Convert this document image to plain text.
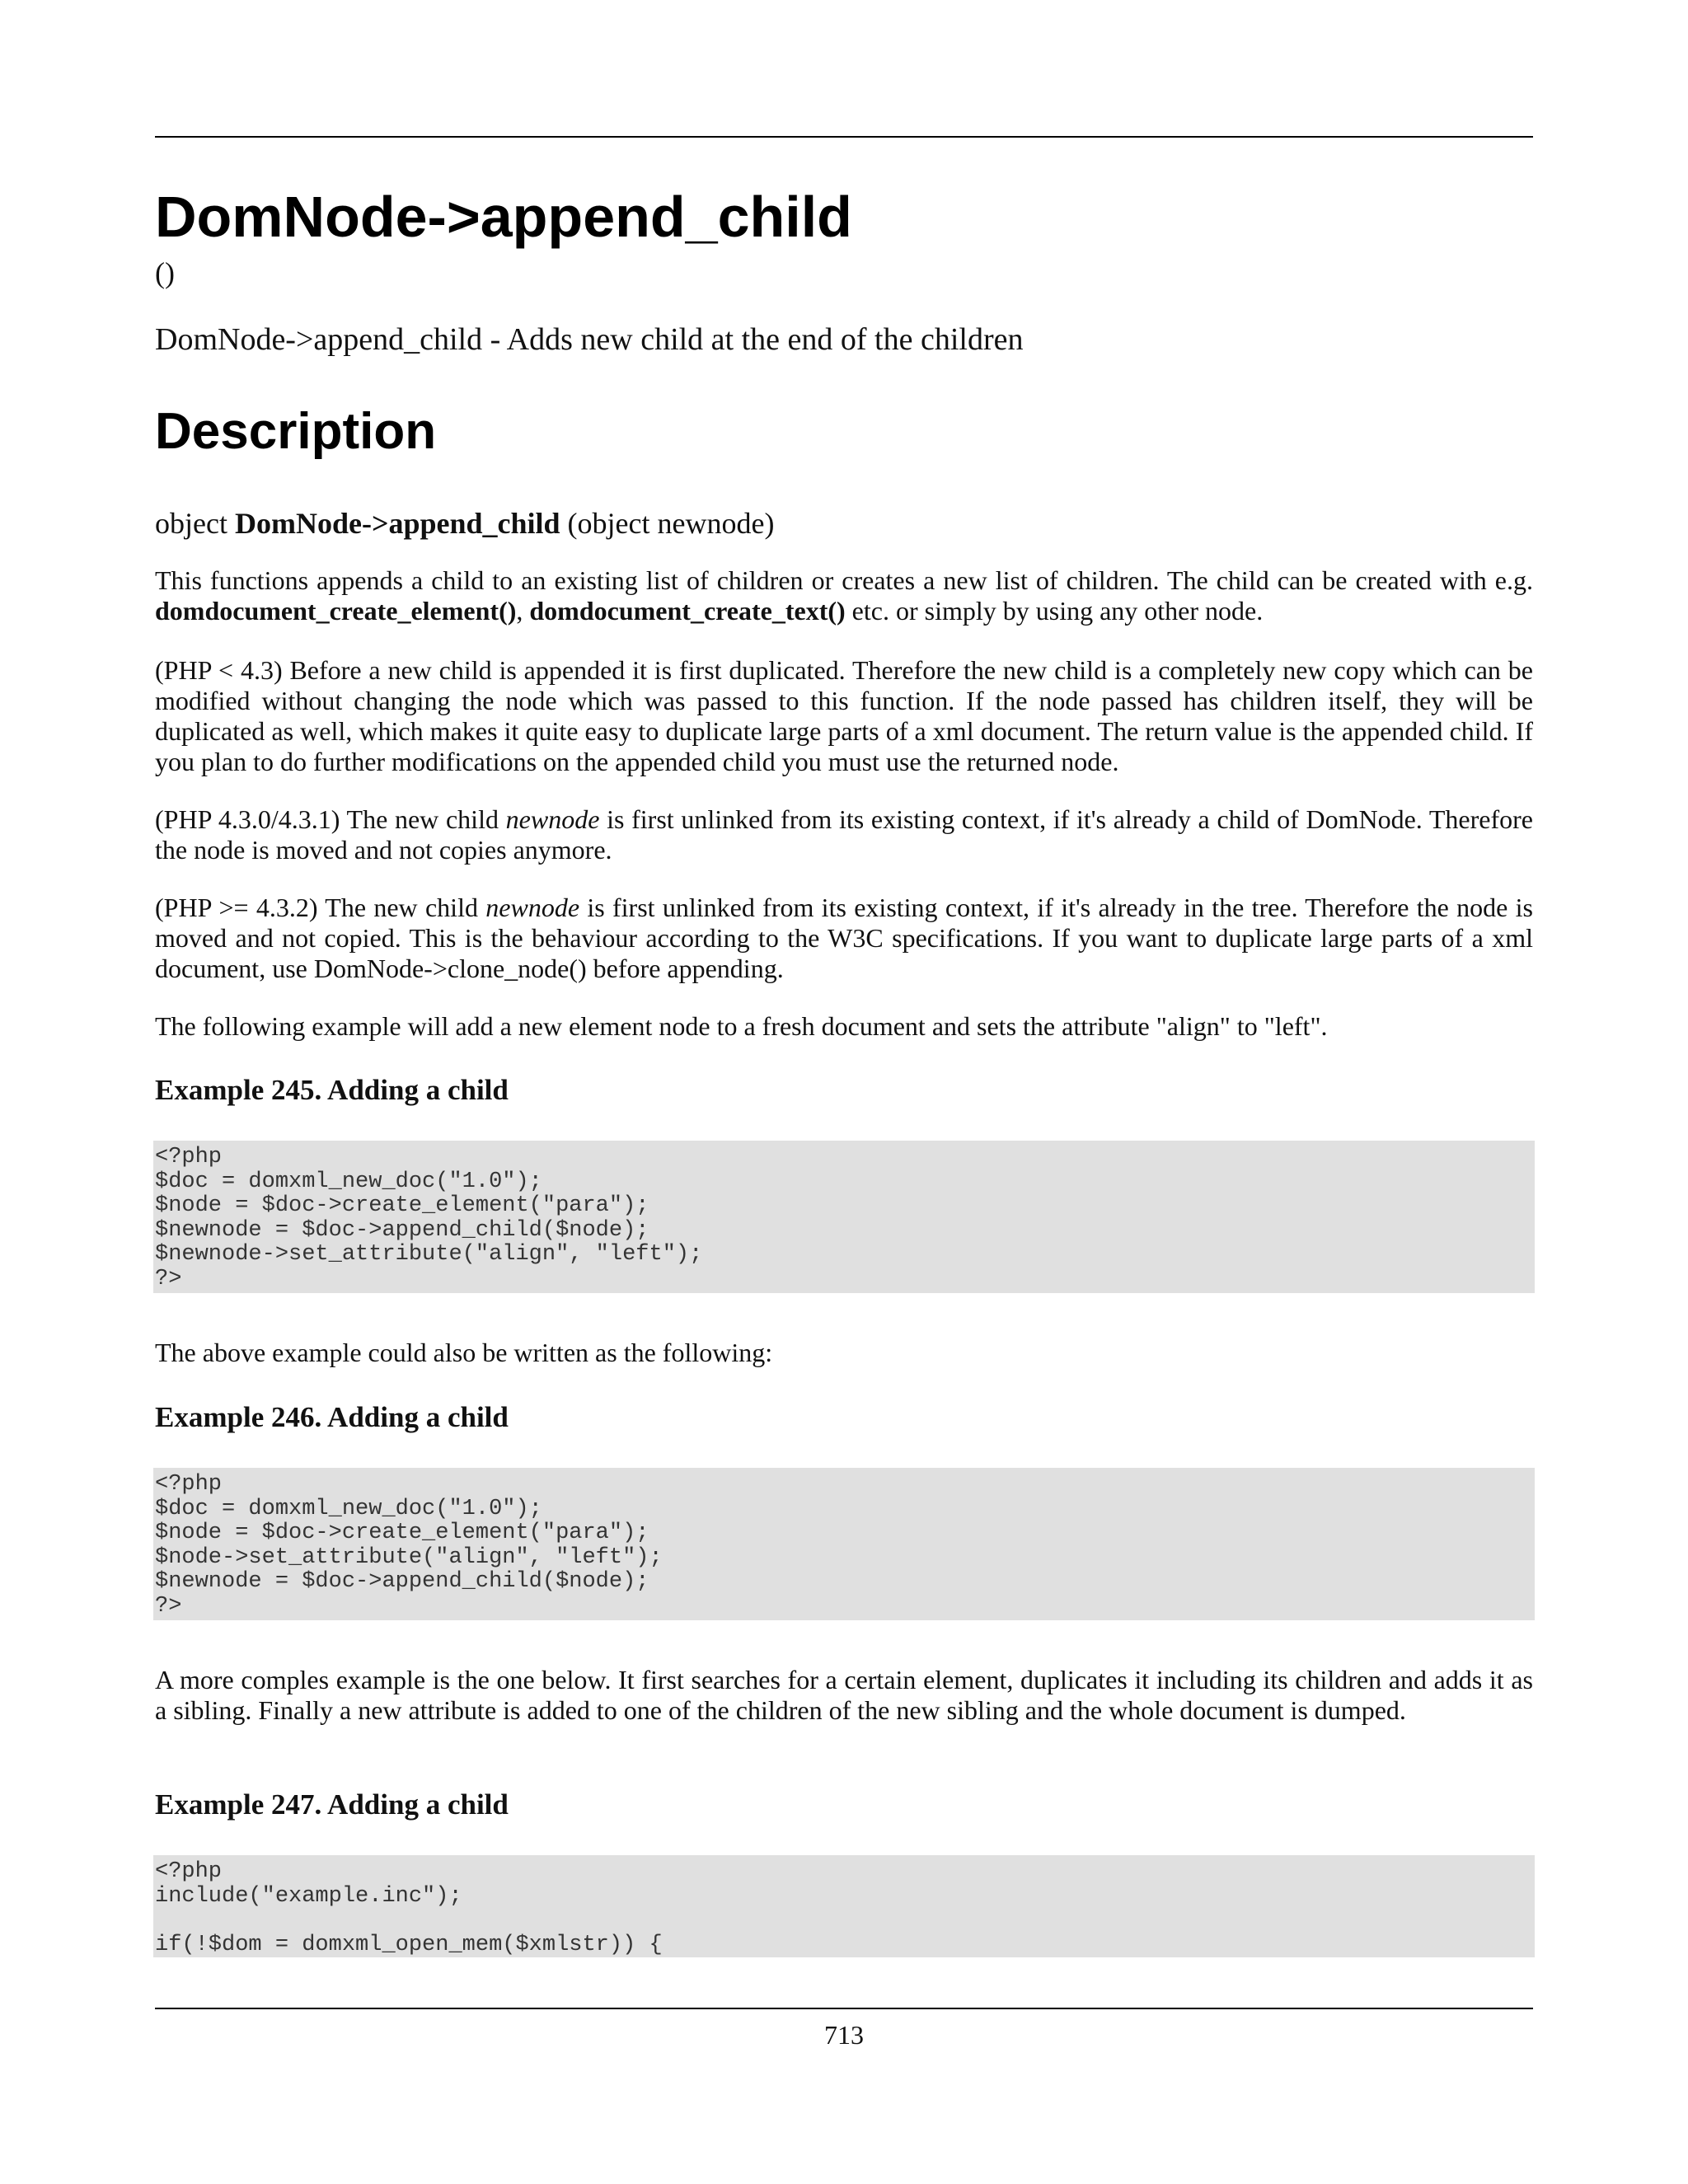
DomNode->append_child
()
DomNode->append_child - Adds new child at the end of the children
Description
object DomNode->append_child (object newnode)

This functions appends a child to an existing list of children or creates a new list of children. The child can be created with e.g. domdocument_create_element(), domdocument_create_text() etc. or simply by using any other node.

(PHP < 4.3) Before a new child is appended it is first duplicated. Therefore the new child is a completely new copy which can be modified without changing the node which was passed to this function. If the node passed has children itself, they will be duplicated as well, which makes it quite easy to duplicate large parts of a xml document. The return value is the appended child. If you plan to do further modifications on the appended child you must use the returned node.

(PHP 4.3.0/4.3.1) The new child newnode is first unlinked from its existing context, if it's already a child of DomNode. Therefore the node is moved and not copies anymore.

(PHP >= 4.3.2) The new child newnode is first unlinked from its existing context, if it's already in the tree. Therefore the node is moved and not copied. This is the behaviour according to the W3C specifications. If you want to duplicate large parts of a xml document, use DomNode->clone_node() before appending.

The following example will add a new element node to a fresh document and sets the attribute "align" to "left".

Example 245. Adding a child
<?php
$doc = domxml_new_doc("1.0");
$node = $doc->create_element("para");
$newnode = $doc->append_child($node);
$newnode->set_attribute("align", "left");
?>

The above example could also be written as the following:

Example 246. Adding a child
<?php
$doc = domxml_new_doc("1.0");
$node = $doc->create_element("para");
$node->set_attribute("align", "left");
$newnode = $doc->append_child($node);
?>

A more comples example is the one below. It first searches for a certain element, duplicates it including its children and adds it as a sibling. Finally a new attribute is added to one of the children of the new sibling and the whole document is dumped.

Example 247. Adding a child
<?php
include("example.inc");

if(!$dom = domxml_open_mem($xmlstr)) {
713
